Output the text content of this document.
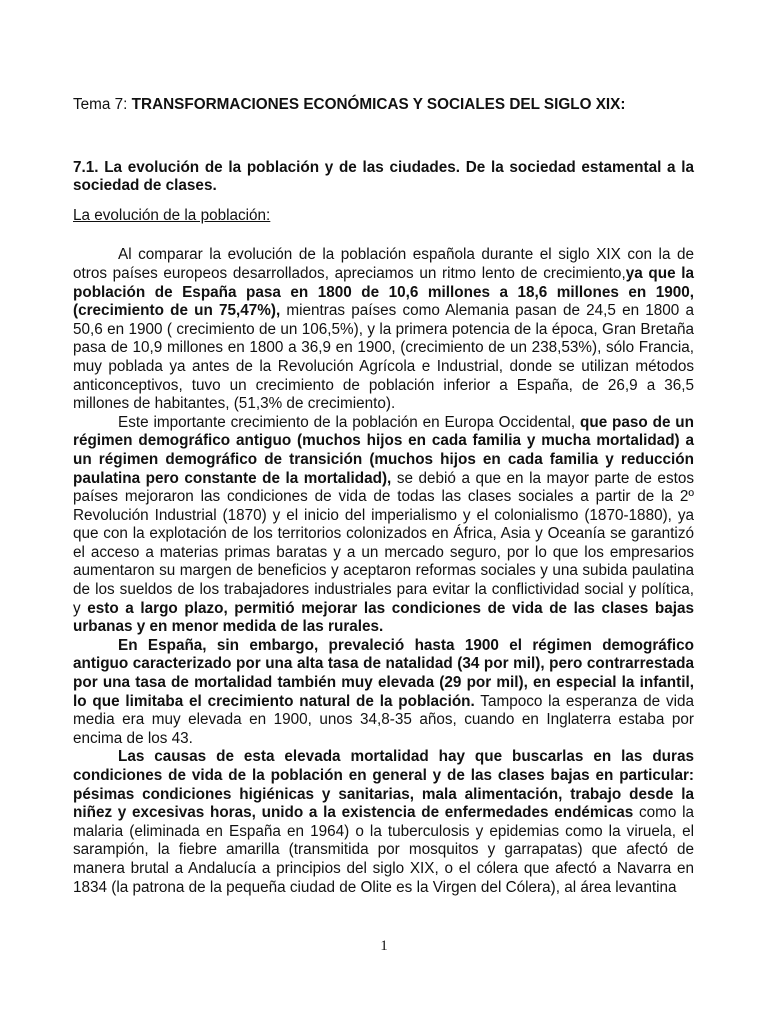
Tema 7: TRANSFORMACIONES ECONÓMICAS Y SOCIALES DEL SIGLO XIX:

7.1. La evolución de la población y de las ciudades. De la sociedad estamental a la sociedad de clases.

La evolución de la población:

Al comparar la evolución de la población española durante el siglo XIX con la de otros países europeos desarrollados, apreciamos un ritmo lento de crecimiento,ya que la población de España pasa en 1800 de 10,6 millones a 18,6 millones en 1900, (crecimiento de un 75,47%), mientras países como Alemania pasan de 24,5 en 1800 a 50,6 en 1900 ( crecimiento de un 106,5%), y la primera potencia de la época, Gran Bretaña pasa de 10,9 millones en 1800 a 36,9 en 1900, (crecimiento de un 238,53%), sólo Francia, muy poblada ya antes de la Revolución Agrícola e Industrial, donde se utilizan métodos anticonceptivos, tuvo un crecimiento de población inferior a España, de 26,9 a 36,5 millones de habitantes, (51,3% de crecimiento).

Este importante crecimiento de la población en Europa Occidental, que paso de un régimen demográfico antiguo (muchos hijos en cada familia y mucha mortalidad) a un régimen demográfico de transición (muchos hijos en cada familia y reducción paulatina pero constante de la mortalidad), se debió a que en la mayor parte de estos países mejoraron las condiciones de vida de todas las clases sociales a partir de la 2º Revolución Industrial (1870) y el inicio del imperialismo y el colonialismo (1870-1880), ya que con la explotación de los territorios colonizados en África, Asia y Oceanía se garantizó el acceso a materias primas baratas y a un mercado seguro, por lo que los empresarios aumentaron su margen de beneficios y aceptaron reformas sociales y una subida paulatina de los sueldos de los trabajadores industriales para evitar la conflictividad social y política, y esto a largo plazo, permitió mejorar las condiciones de vida de las clases bajas urbanas y en menor medida de las rurales.

En España, sin embargo, prevaleció hasta 1900 el régimen demográfico antiguo caracterizado por una alta tasa de natalidad (34 por mil), pero contrarrestada por una tasa de mortalidad también muy elevada (29 por mil), en especial la infantil, lo que limitaba el crecimiento natural de la población. Tampoco la esperanza de vida media era muy elevada en 1900, unos 34,8-35 años, cuando en Inglaterra estaba por encima de los 43.

Las causas de esta elevada mortalidad hay que buscarlas en las duras condiciones de vida de la población en general y de las clases bajas en particular: pésimas condiciones higiénicas y sanitarias, mala alimentación, trabajo desde la niñez y excesivas horas, unido a la existencia de enfermedades endémicas como la malaria (eliminada en España en 1964) o la tuberculosis y epidemias como la viruela, el sarampión, la fiebre amarilla (transmitida por mosquitos y garrapatas) que afectó de manera brutal a Andalucía a principios del siglo XIX, o el cólera que afectó a Navarra en 1834 (la patrona de la pequeña ciudad de Olite es la Virgen del Cólera), al área levantina

1
